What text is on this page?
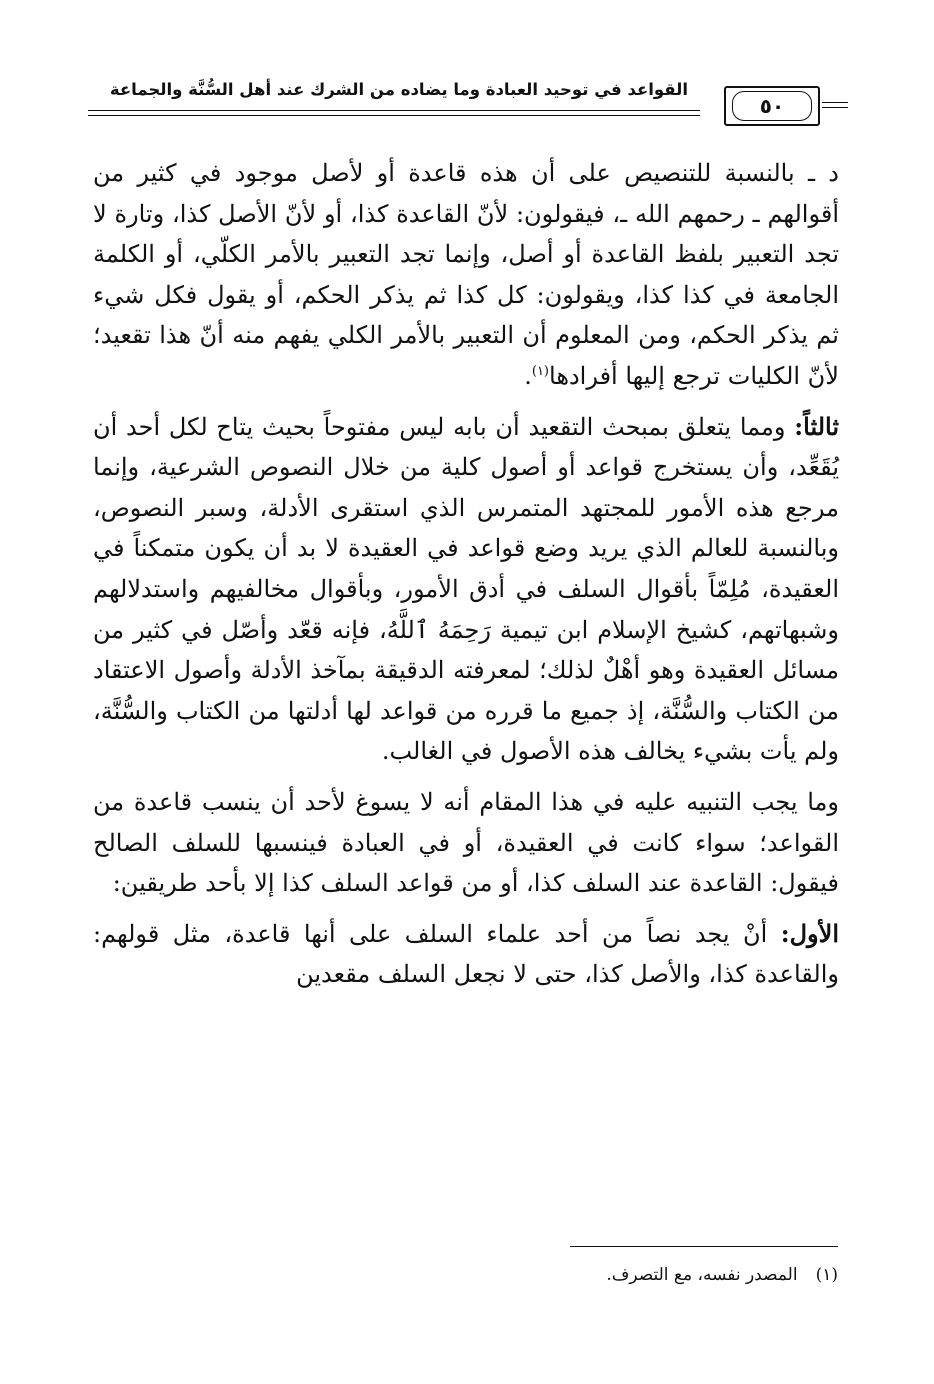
القواعد في توحيد العبادة وما يضاده من الشرك عند أهل السُّنَّة والجماعة
٥٠

د ـ بالنسبة للتنصيص على أن هذه قاعدة أو لأصل موجود في كثير من أقوالهم ـ رحمهم الله ـ، فيقولون: لأنّ القاعدة كذا، أو لأنّ الأصل كذا، وتارة لا تجد التعبير بلفظ القاعدة أو أصل، وإنما تجد التعبير بالأمر الكلّي، أو الكلمة الجامعة في كذا كذا، ويقولون: كل كذا ثم يذكر الحكم، أو يقول فكل شيء ثم يذكر الحكم، ومن المعلوم أن التعبير بالأمر الكلي يفهم منه أنّ هذا تقعيد؛ لأنّ الكليات ترجع إليها أفرادها$^{(١)}$.

ثالثاً: ومما يتعلق بمبحث التقعيد أن بابه ليس مفتوحاً بحيث يتاح لكل أحد أن يُقَعِّد، وأن يستخرج قواعد أو أصول كلية من خلال النصوص الشرعية، وإنما مرجع هذه الأمور للمجتهد المتمرس الذي استقرى الأدلة، وسبر النصوص، وبالنسبة للعالم الذي يريد وضع قواعد في العقيدة لا بد أن يكون متمكناً في العقيدة، مُلِمّاً بأقوال السلف في أدق الأمور، وبأقوال مخالفيهم واستدلالهم وشبهاتهم، كشيخ الإسلام ابن تيمية رَحِمَهُ ٱللَّهُ، فإنه قعّد وأصّل في كثير من مسائل العقيدة وهو أهْلٌ لذلك؛ لمعرفته الدقيقة بمآخذ الأدلة وأصول الاعتقاد من الكتاب والسُّنَّة، إذ جميع ما قرره من قواعد لها أدلتها من الكتاب والسُّنَّة، ولم يأت بشيء يخالف هذه الأصول في الغالب.

وما يجب التنبيه عليه في هذا المقام أنه لا يسوغ لأحد أن ينسب قاعدة من القواعد؛ سواء كانت في العقيدة، أو في العبادة فينسبها للسلف الصالح فيقول: القاعدة عند السلف كذا، أو من قواعد السلف كذا إلا بأحد طريقين:

الأول: أنْ يجد نصاً من أحد علماء السلف على أنها قاعدة، مثل قولهم: والقاعدة كذا، والأصل كذا، حتى لا نجعل السلف مقعدين

(١)المصدر نفسه، مع التصرف.
